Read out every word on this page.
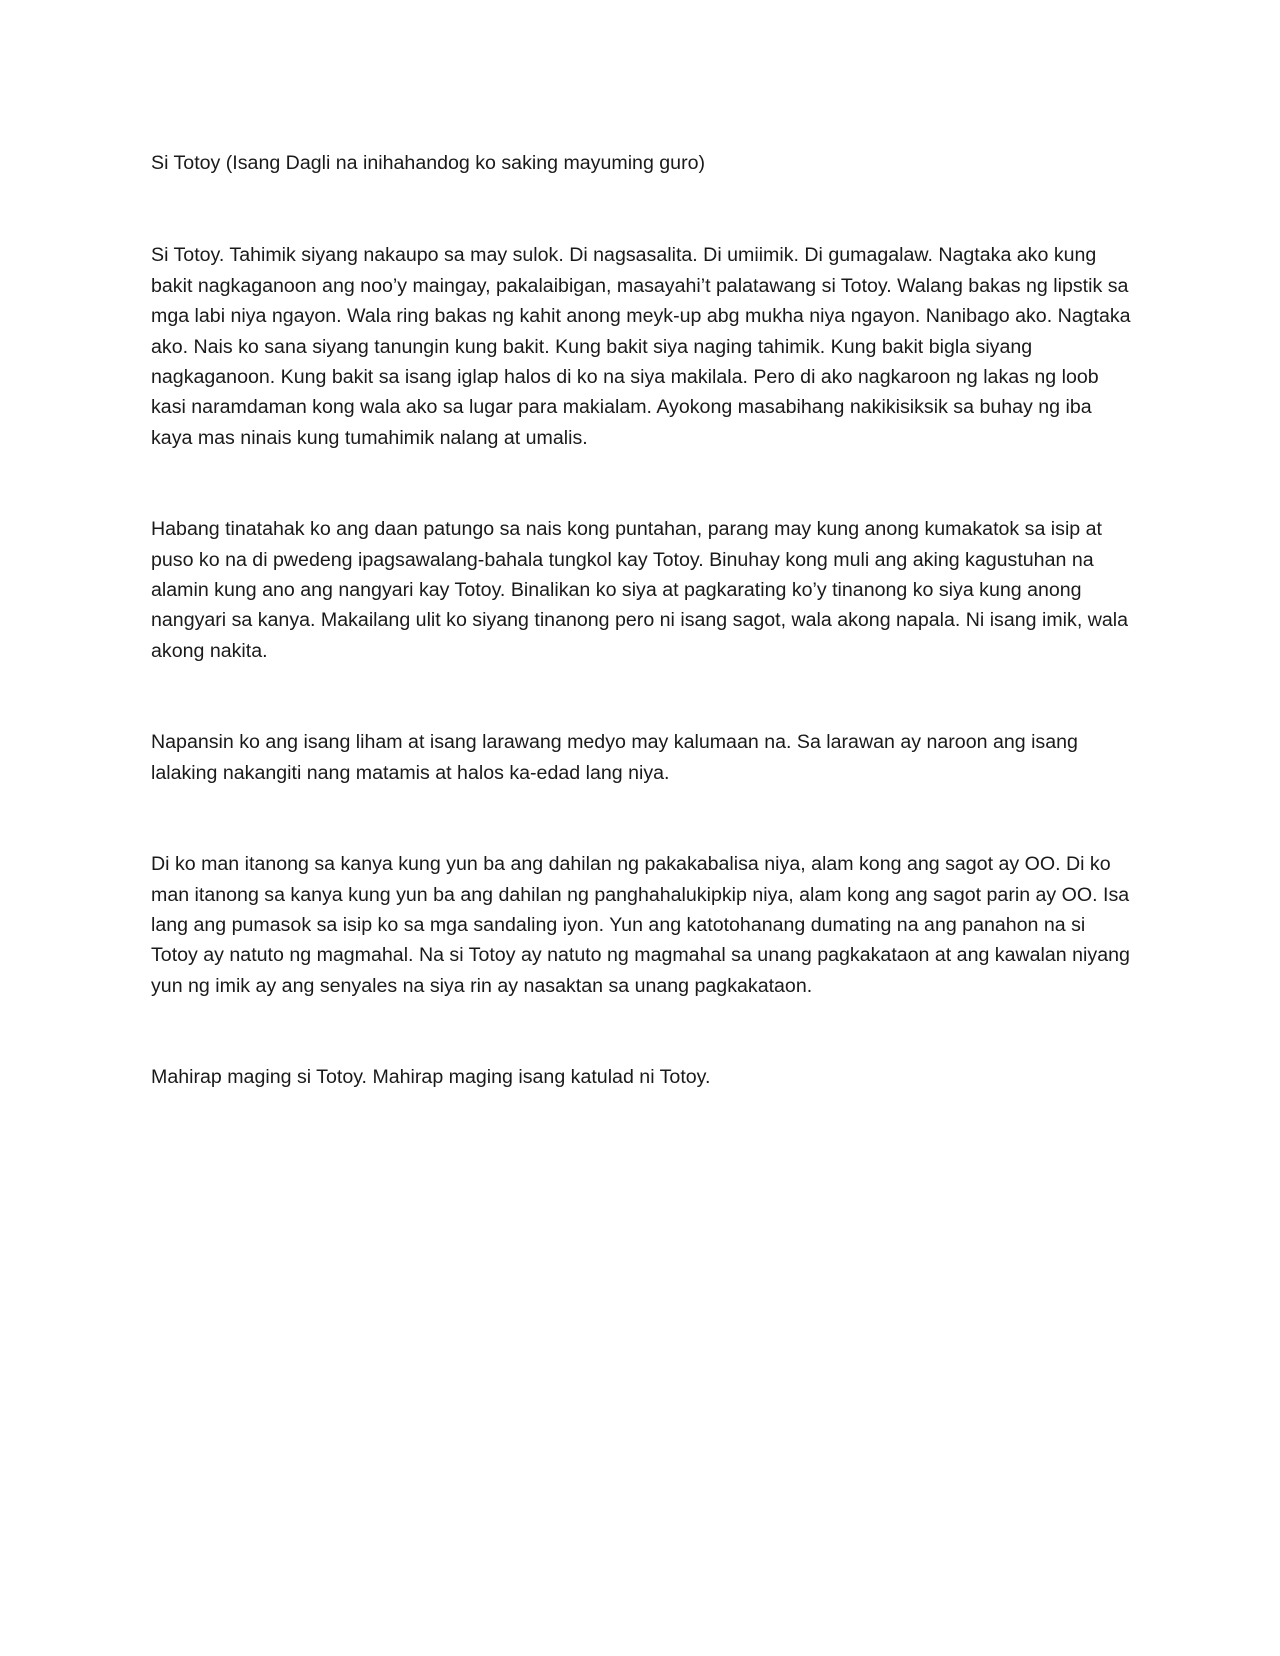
Si Totoy (Isang Dagli na inihahandog ko saking mayuming guro)

Si Totoy. Tahimik siyang nakaupo sa may sulok. Di nagsasalita. Di umiimik. Di gumagalaw. Nagtaka ako kung bakit nagkaganoon ang noo’y maingay, pakalaibigan, masayahi’t palatawang si Totoy. Walang bakas ng lipstik sa mga labi niya ngayon. Wala ring bakas ng kahit anong meyk-up abg mukha niya ngayon. Nanibago ako. Nagtaka ako. Nais ko sana siyang tanungin kung bakit. Kung bakit siya naging tahimik. Kung bakit bigla siyang nagkaganoon. Kung bakit sa isang iglap halos di ko na siya makilala. Pero di ako nagkaroon ng lakas ng loob kasi naramdaman kong wala ako sa lugar para makialam. Ayokong masabihang nakikisiksik sa buhay ng iba kaya mas ninais kung tumahimik nalang at umalis.

Habang tinatahak ko ang daan patungo sa nais kong puntahan, parang may kung anong kumakatok sa isip at puso ko na di pwedeng ipagsawalang-bahala tungkol kay Totoy. Binuhay kong muli ang aking kagustuhan na alamin kung ano ang nangyari kay Totoy. Binalikan ko siya at pagkarating ko’y tinanong ko siya kung anong nangyari sa kanya. Makailang ulit ko siyang tinanong pero ni isang sagot, wala akong napala. Ni isang imik, wala akong nakita.

Napansin ko ang isang liham at isang larawang medyo may kalumaan na. Sa larawan ay naroon ang isang lalaking nakangiti nang matamis at halos ka-edad lang niya.

Di ko man itanong sa kanya kung yun ba ang dahilan ng pakakabalisa niya, alam kong ang sagot ay OO. Di ko man itanong sa kanya kung yun ba ang dahilan ng panghahalukipkip niya, alam kong ang sagot parin ay OO. Isa lang ang pumasok sa isip ko sa mga sandaling iyon. Yun ang katotohanang dumating na ang panahon na si Totoy ay natuto ng magmahal. Na si Totoy ay natuto ng magmahal sa unang pagkakataon at ang kawalan niyang yun ng imik ay ang senyales na siya rin ay nasaktan sa unang pagkakataon.

Mahirap maging si Totoy. Mahirap maging isang katulad ni Totoy.
